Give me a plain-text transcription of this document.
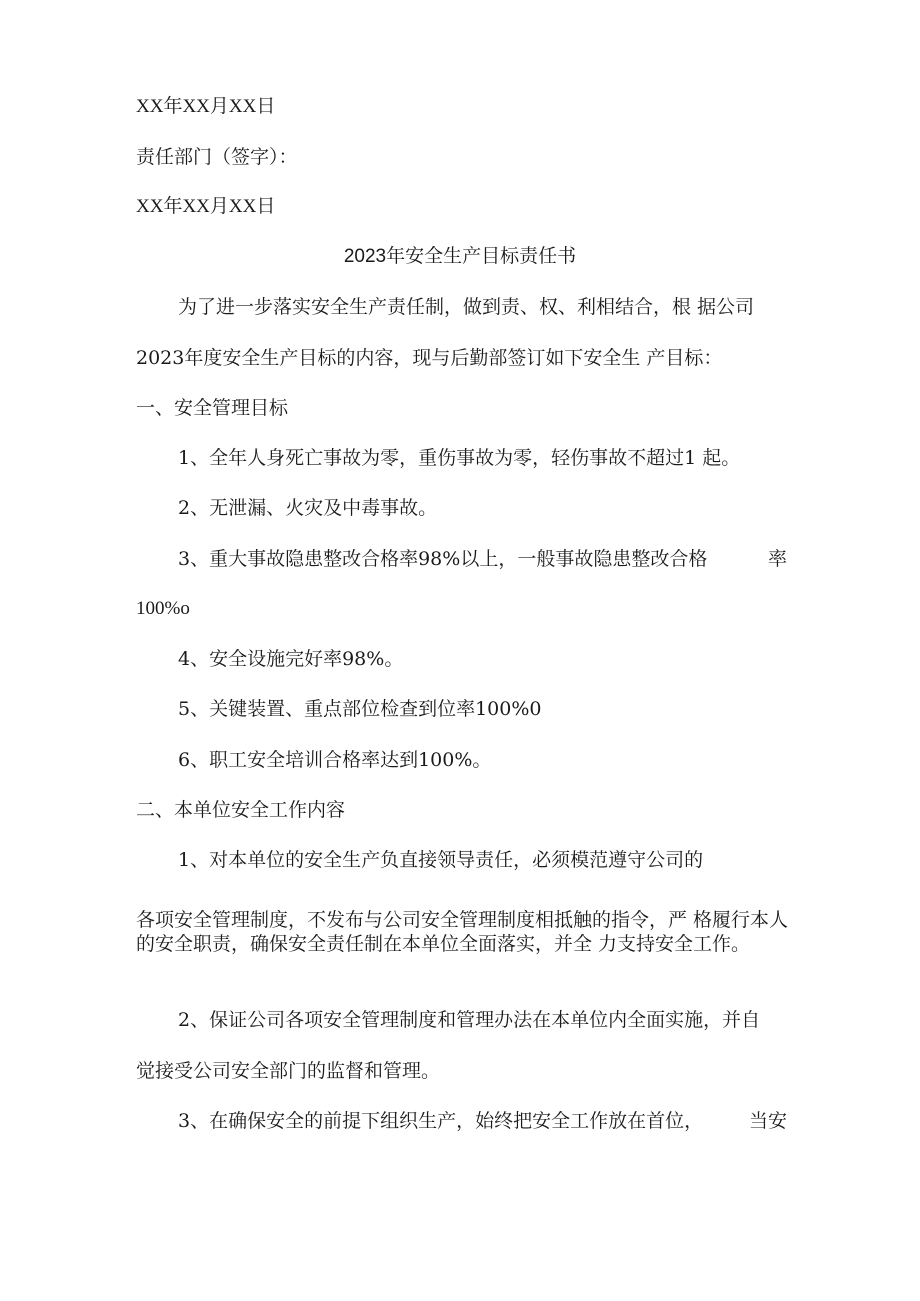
XX年XX月XX日
责任部门（签字）：
XX年XX月XX日
2023年安全生产目标责任书
为了进一步落实安全生产责任制，做到责、权、利相结合，根 据公司
2023年度安全生产目标的内容，现与后勤部签订如下安全生 产目标：
一、安全管理目标
1、全年人身死亡事故为零，重伤事故为零，轻伤事故不超过1 起。
2、无泄漏、火灾及中毒事故。
3、重大事故隐患整改合格率98%以上，一般事故隐患整改合格	率
100%o
4、安全设施完好率98%。
5、关键装置、重点部位检查到位率100%0
6、职工安全培训合格率达到100%。
二、本单位安全工作内容
1、对本单位的安全生产负直接领导责任，必须模范遵守公司的
各项安全管理制度，不发布与公司安全管理制度相抵触的指令，严 格履行本人的安全职责，确保安全责任制在本单位全面落实，并全 力支持安全工作。
2、保证公司各项安全管理制度和管理办法在本单位内全面实施，并自
觉接受公司安全部门的监督和管理。
3、在确保安全的前提下组织生产，始终把安全工作放在首位， 当安
